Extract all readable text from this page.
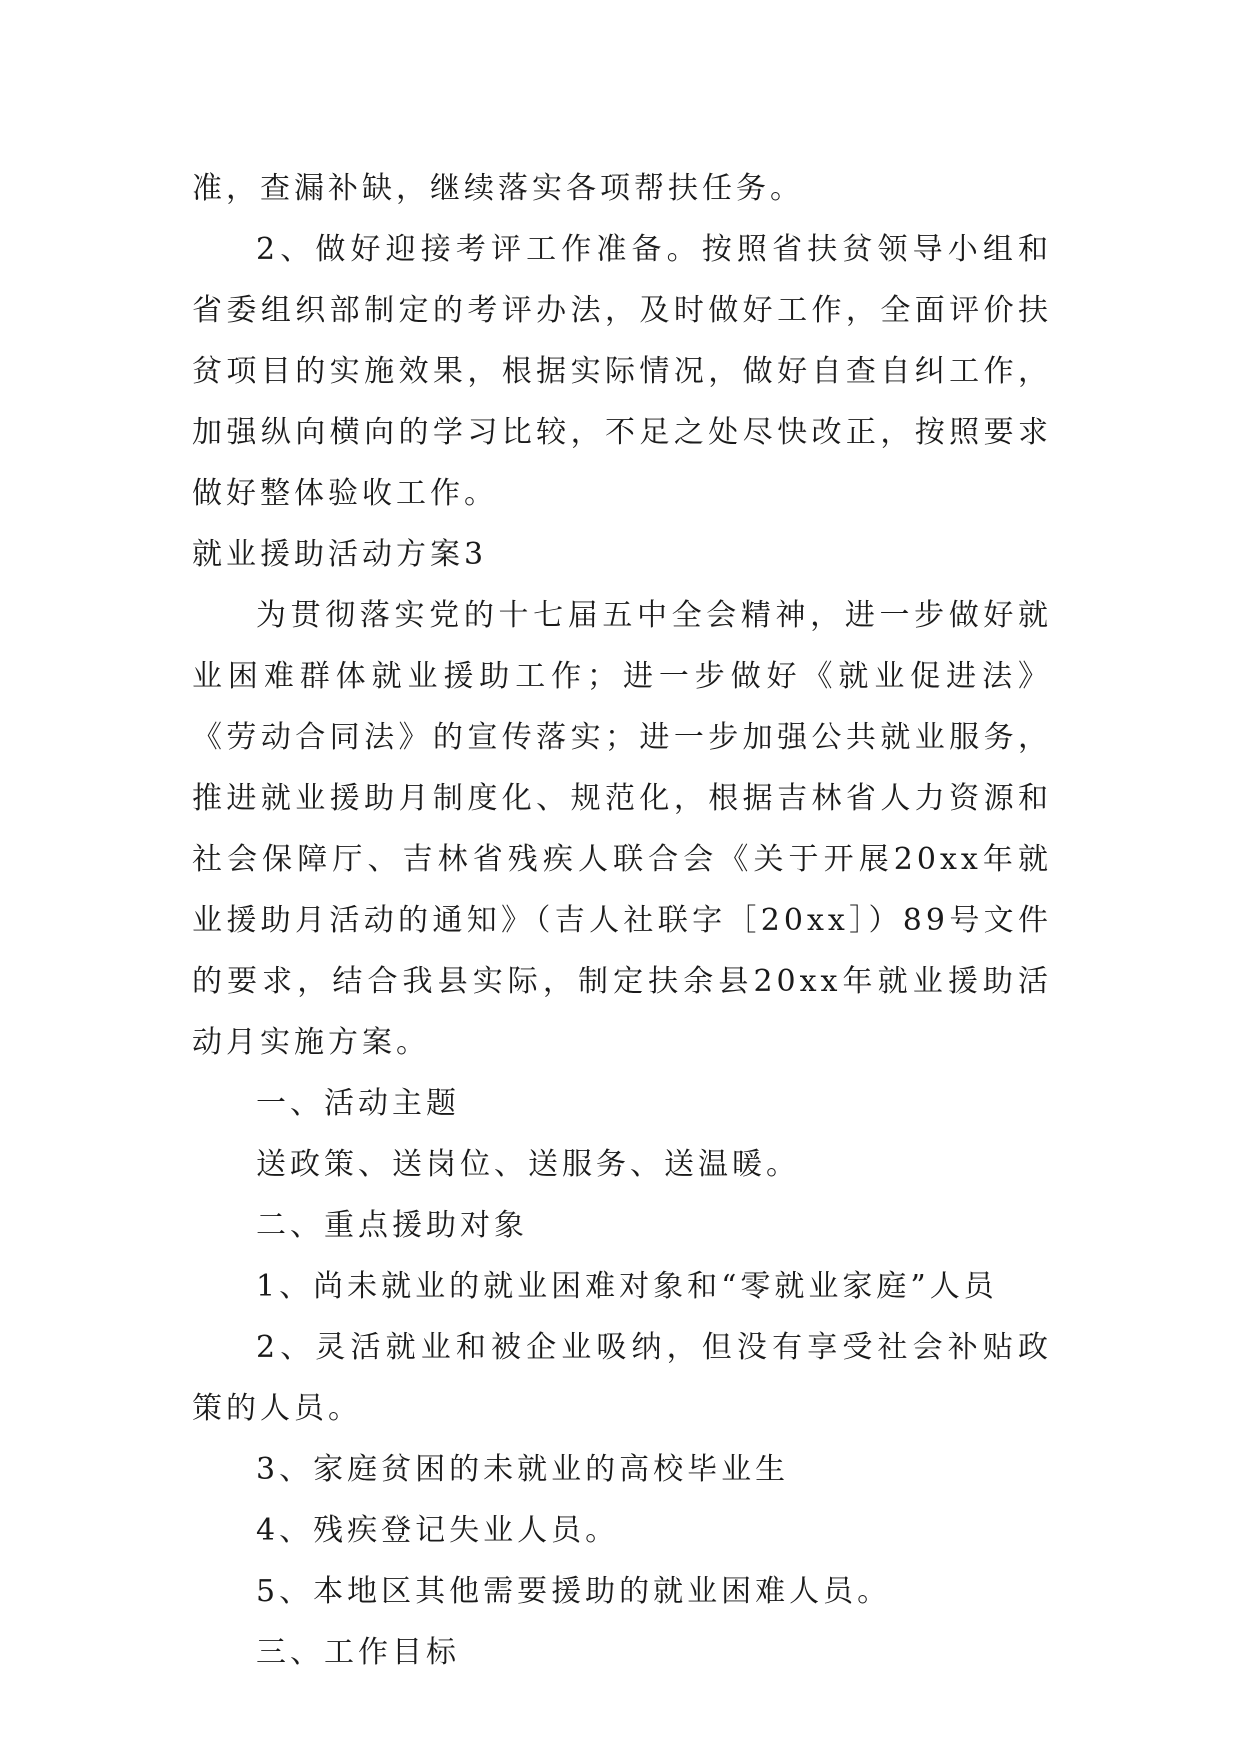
准，查漏补缺，继续落实各项帮扶任务。

2、做好迎接考评工作准备。按照省扶贫领导小组和省委组织部制定的考评办法，及时做好工作，全面评价扶贫项目的实施效果，根据实际情况，做好自查自纠工作，加强纵向横向的学习比较，不足之处尽快改正，按照要求做好整体验收工作。

就业援助活动方案3

为贯彻落实党的十七届五中全会精神，进一步做好就业困难群体就业援助工作；进一步做好《就业促进法》《劳动合同法》的宣传落实；进一步加强公共就业服务，推进就业援助月制度化、规范化，根据吉林省人力资源和社会保障厅、吉林省残疾人联合会《关于开展20xx年就业援助月活动的通知》（吉人社联字［20xx］）89号文件的要求，结合我县实际，制定扶余县20xx年就业援助活动月实施方案。

一、活动主题

送政策、送岗位、送服务、送温暖。

二、重点援助对象

1、尚未就业的就业困难对象和“零就业家庭”人员

2、灵活就业和被企业吸纳，但没有享受社会补贴政策的人员。

3、家庭贫困的未就业的高校毕业生

4、残疾登记失业人员。

5、本地区其他需要援助的就业困难人员。

三、工作目标
